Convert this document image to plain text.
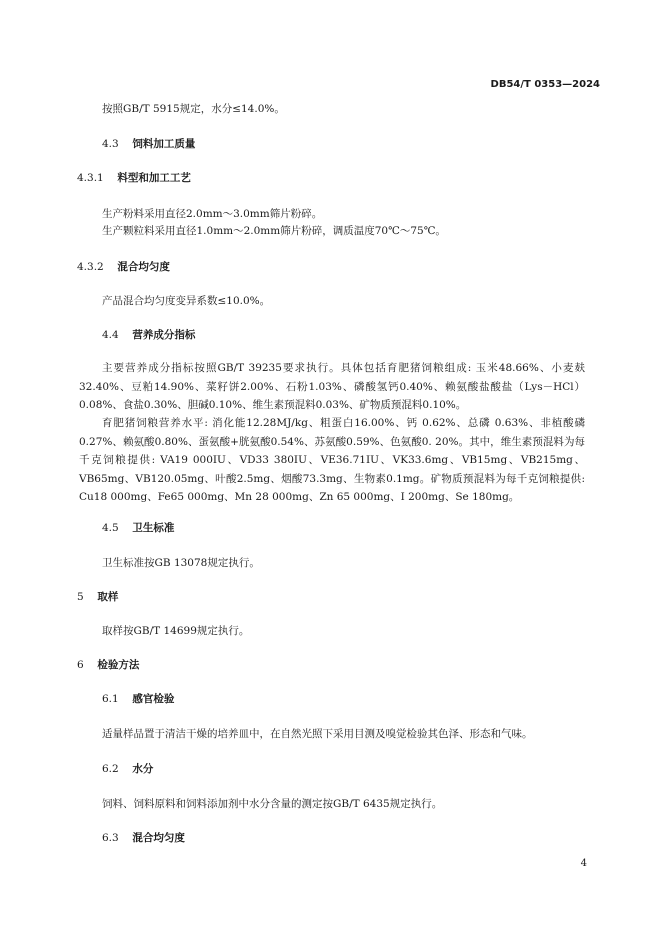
DB54/T 0353—2024
按照GB/T 5915规定，水分≤14.0%。
4.3 饲料加工质量
4.3.1 料型和加工工艺
生产粉料采用直径2.0mm～3.0mm筛片粉碎。
生产颗粒料采用直径1.0mm～2.0mm筛片粉碎，调质温度70℃～75℃。
4.3.2 混合均匀度
产品混合均匀度变异系数≤10.0%。
4.4 营养成分指标
主要营养成分指标按照GB/T 39235要求执行。具体包括育肥猪饲粮组成: 玉米48.66%、小麦麸32.40%、豆粕14.90%、菜籽饼2.00%、石粉1.03%、磷酸氢钙0.40%、赖氨酸盐酸盐（Lys－HCl）0.08%、食盐0.30%、胆碱0.10%、维生素预混料0.03%、矿物质预混料0.10%。
育肥猪饲粮营养水平: 消化能12.28MJ/kg、粗蛋白16.00%、钙 0.62%、总磷 0.63%、非植酸磷0.27%、赖氨酸0.80%、蛋氨酸+胱氨酸0.54%、苏氨酸0.59%、色氨酸0. 20%。其中，维生素预混料为每千克饲粮提供: VA19 000IU、VD33 380IU、VE36.71IU、VK33.6mg、VB15mg、VB215mg、VB65mg、VB120.05mg、叶酸2.5mg、烟酸73.3mg、生物素0.1mg。矿物质预混料为每千克饲粮提供: Cu18 000mg、Fe65 000mg、Mn 28 000mg、Zn 65 000mg、I 200mg、Se 180mg。
4.5 卫生标准
卫生标准按GB 13078规定执行。
5 取样
取样按GB/T 14699规定执行。
6 检验方法
6.1 感官检验
适量样品置于清洁干燥的培养皿中，在自然光照下采用目测及嗅觉检验其色泽、形态和气味。
6.2 水分
饲料、饲料原料和饲料添加剂中水分含量的测定按GB/T 6435规定执行。
6.3 混合均匀度
4
